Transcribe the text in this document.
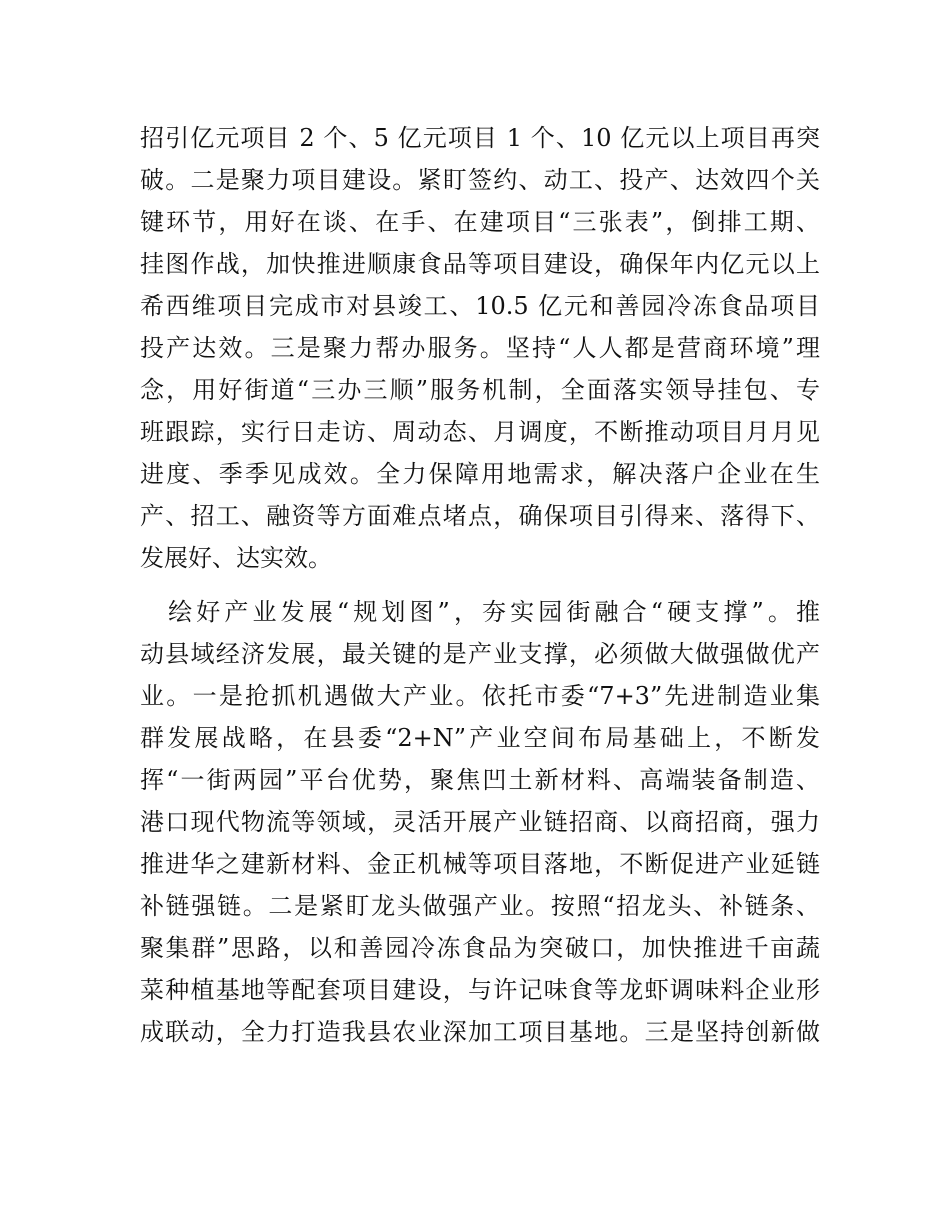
招引亿元项目 2 个、5 亿元项目 1 个、10 亿元以上项目再突
破。二是聚力项目建设。紧盯签约、动工、投产、达效四个关
键环节，用好在谈、在手、在建项目“三张表”，倒排工期、
挂图作战，加快推进顺康食品等项目建设，确保年内亿元以上
希西维项目完成市对县竣工、10.5 亿元和善园冷冻食品项目
投产达效。三是聚力帮办服务。坚持“人人都是营商环境”理
念，用好街道“三办三顺”服务机制，全面落实领导挂包、专
班跟踪，实行日走访、周动态、月调度，不断推动项目月月见
进度、季季见成效。全力保障用地需求，解决落户企业在生
产、招工、融资等方面难点堵点，确保项目引得来、落得下、
发展好、达实效。
　绘好产业发展“规划图”，夯实园街融合“硬支撑”。推
动县域经济发展，最关键的是产业支撑，必须做大做强做优产
业。一是抢抓机遇做大产业。依托市委“7+3”先进制造业集
群发展战略，在县委“2+N”产业空间布局基础上，不断发
挥“一街两园”平台优势，聚焦凹土新材料、高端装备制造、
港口现代物流等领域，灵活开展产业链招商、以商招商，强力
推进华之建新材料、金正机械等项目落地，不断促进产业延链
补链强链。二是紧盯龙头做强产业。按照“招龙头、补链条、
聚集群”思路，以和善园冷冻食品为突破口，加快推进千亩蔬
菜种植基地等配套项目建设，与许记味食等龙虾调味料企业形
成联动，全力打造我县农业深加工项目基地。三是坚持创新做
